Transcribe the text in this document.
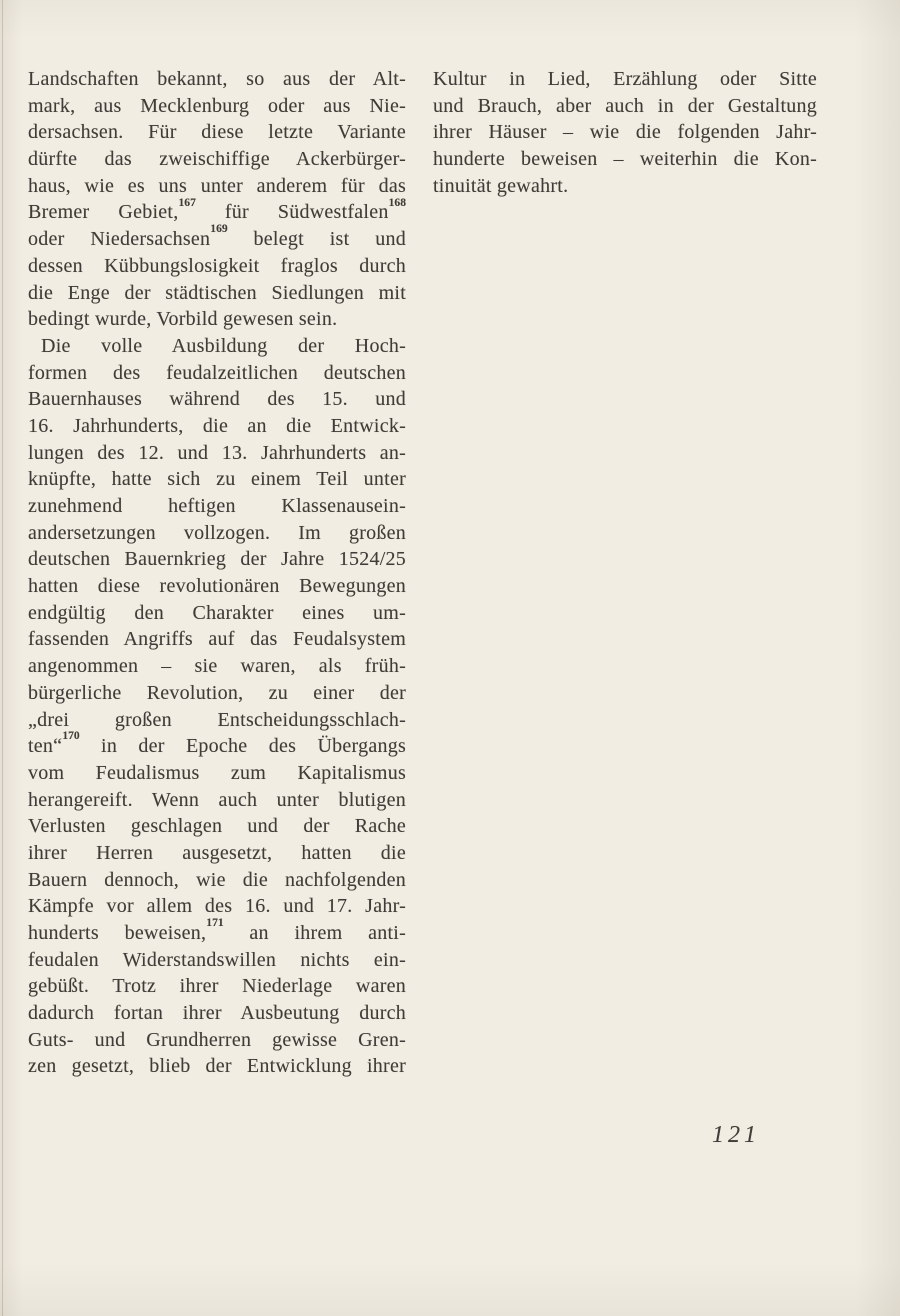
Landschaften bekannt, so aus der Alt-
mark, aus Mecklenburg oder aus Nie-
dersachsen. Für diese letzte Variante
dürfte das zweischiffige Ackerbürger-
haus, wie es uns unter anderem für das
Bremer Gebiet,$^{167}$ für Südwestfalen$^{168}$
oder Niedersachsen$^{169}$ belegt ist und
dessen Kübbungslosigkeit fraglos durch
die Enge der städtischen Siedlungen mit
bedingt wurde, Vorbild gewesen sein.
Die volle Ausbildung der Hoch-
formen des feudalzeitlichen deutschen
Bauernhauses während des 15. und
16. Jahrhunderts, die an die Entwick-
lungen des 12. und 13. Jahrhunderts an-
knüpfte, hatte sich zu einem Teil unter
zunehmend heftigen Klassenausein-
andersetzungen vollzogen. Im großen
deutschen Bauernkrieg der Jahre 1524/25
hatten diese revolutionären Bewegungen
endgültig den Charakter eines um-
fassenden Angriffs auf das Feudalsystem
angenommen – sie waren, als früh-
bürgerliche Revolution, zu einer der
„drei großen Entscheidungsschlach-
ten“$^{170}$ in der Epoche des Übergangs
vom Feudalismus zum Kapitalismus
herangereift. Wenn auch unter blutigen
Verlusten geschlagen und der Rache
ihrer Herren ausgesetzt, hatten die
Bauern dennoch, wie die nachfolgenden
Kämpfe vor allem des 16. und 17. Jahr-
hunderts beweisen,$^{171}$ an ihrem anti-
feudalen Widerstandswillen nichts ein-
gebüßt. Trotz ihrer Niederlage waren
dadurch fortan ihrer Ausbeutung durch
Guts- und Grundherren gewisse Gren-
zen gesetzt, blieb der Entwicklung ihrer
Kultur in Lied, Erzählung oder Sitte
und Brauch, aber auch in der Gestaltung
ihrer Häuser – wie die folgenden Jahr-
hunderte beweisen – weiterhin die Kon-
tinuität gewahrt.
121
